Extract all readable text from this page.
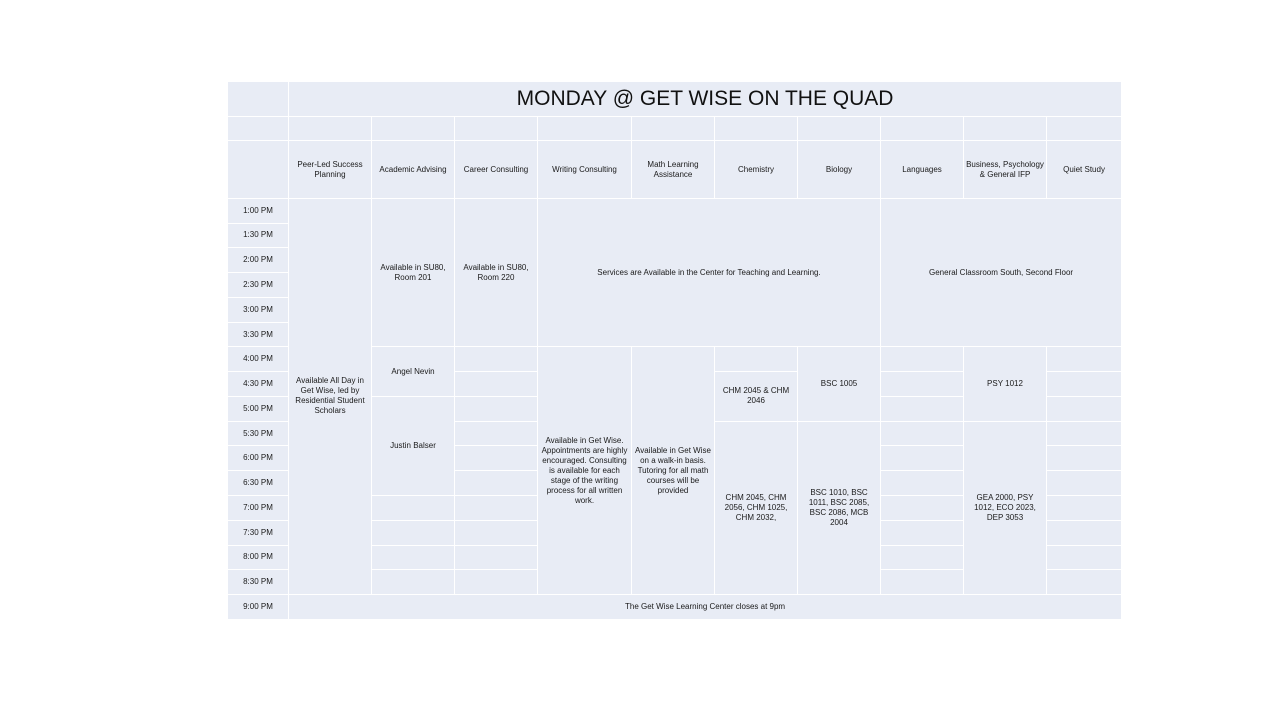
	MONDAY @ GET WISE ON THE QUAD										

	Peer-Led Success Planning	Academic Advising	Career Consulting	Writing Consulting	Math Learning Assistance	Chemistry	Biology	Languages	Business, Psychology & General IFP	Quiet Study	
1:00 PM	Available All Day in Get Wise, led by Residential Student Scholars	Available in SU80, Room 201	Available in SU80, Room 220	Services are Available in the Center for Teaching and Learning.				General Classroom South, Second Floor	
1:30 PM											
2:00 PM											
2:30 PM											
3:00 PM											
3:30 PM											
4:00 PM		Angel Nevin		Available in Get Wise. Appointments are highly encouraged. Consulting is available for each stage of the writing process for all written work.	Available in Get Wise on a walk-in basis. Tutoring for all math courses will be provided		BSC 1005		PSY 1012		
4:30 PM						CHM 2045 & CHM 2046					
5:00 PM		Justin Balser									
5:30 PM						CHM 2045, CHM 2056, CHM 1025, CHM 2032,	BSC 1010, BSC 1011, BSC 2085, BSC 2086, MCB 2004		GEA 2000, PSY 1012, ECO 2023, DEP 3053		
6:00 PM											
6:30 PM											
7:00 PM											
7:30 PM											
8:00 PM											
8:30 PM											
9:00 PM	The Get Wise Learning Center closes at 9pm										
